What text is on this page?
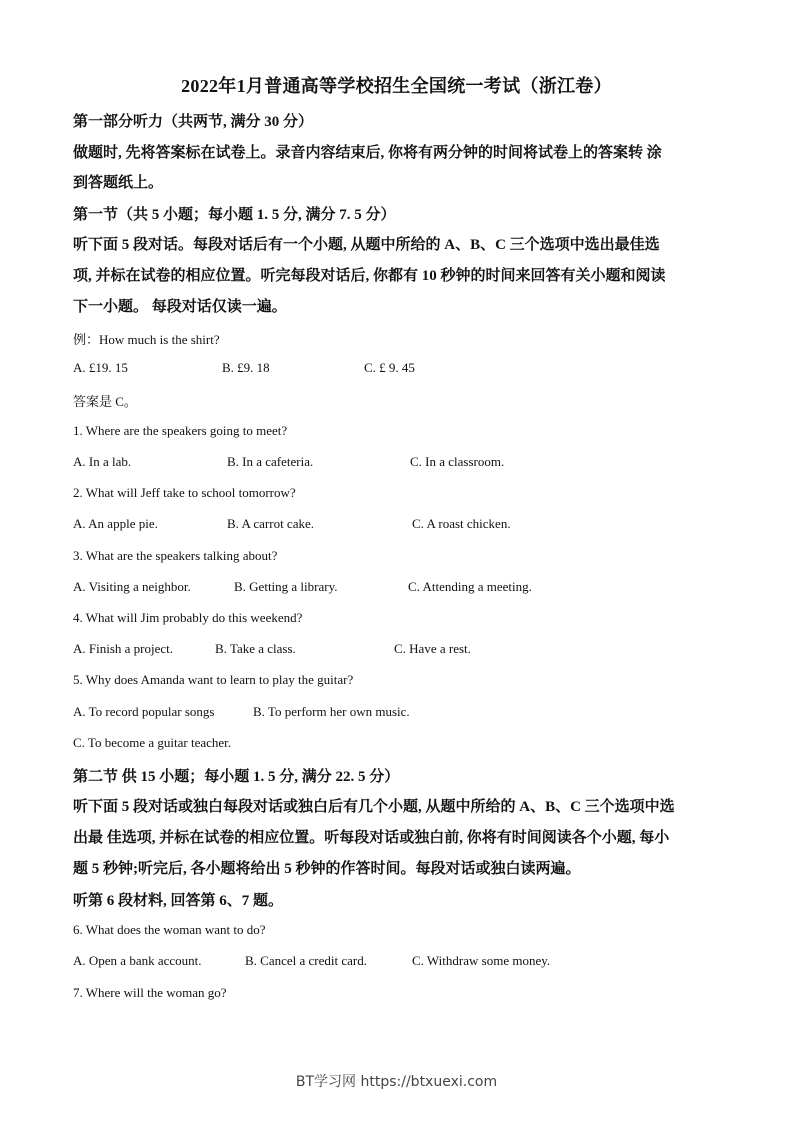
2022年1月普通高等学校招生全国统一考试（浙江卷）
第一部分听力（共两节, 满分 30 分）
做题时, 先将答案标在试卷上。录音内容结束后, 你将有两分钟的时间将试卷上的答案转 涂
到答题纸上。
第一节（共 5 小题；每小题 1. 5 分, 满分 7. 5 分）
听下面 5 段对话。每段对话后有一个小题, 从题中所给的 A、B、C 三个选项中选出最佳选
项, 并标在试卷的相应位置。听完每段对话后, 你都有 10 秒钟的时间来回答有关小题和阅读
下一小题。 每段对话仅读一遍。
例：How much is the shirt?
A. £19. 15	B. £9. 18	C. £ 9. 45
答案是 C。
1. Where are the speakers going to meet?
A. In a lab.	B. In a cafeteria.	C. In a classroom.
2. What will Jeff take to school tomorrow?
A. An apple pie.	B. A carrot cake.	C. A roast chicken.
3. What are the speakers talking about?
A. Visiting a neighbor.	B. Getting a library.	C. Attending a meeting.
4. What will Jim probably do this weekend?
A. Finish a project.	B. Take a class.	C. Have a rest.
5. Why does Amanda want to learn to play the guitar?
A. To record popular songs	B. To perform her own music.
C. To become a guitar teacher.
第二节 供 15 小题；每小题 1. 5 分, 满分 22. 5 分）
听下面 5 段对话或独白每段对话或独白后有几个小题, 从题中所给的 A、B、C 三个选项中选
出最 佳选项, 并标在试卷的相应位置。听每段对话或独白前, 你将有时间阅读各个小题, 每小
题 5 秒钟;听完后, 各小题将给出 5 秒钟的作答时间。每段对话或独白读两遍。
听第 6 段材料, 回答第 6、7 题。
6. What does the woman want to do?
A. Open a bank account.	B. Cancel a credit card.	C. Withdraw some money.
7. Where will the woman go?
BT学习网 https://btxuexi.com
